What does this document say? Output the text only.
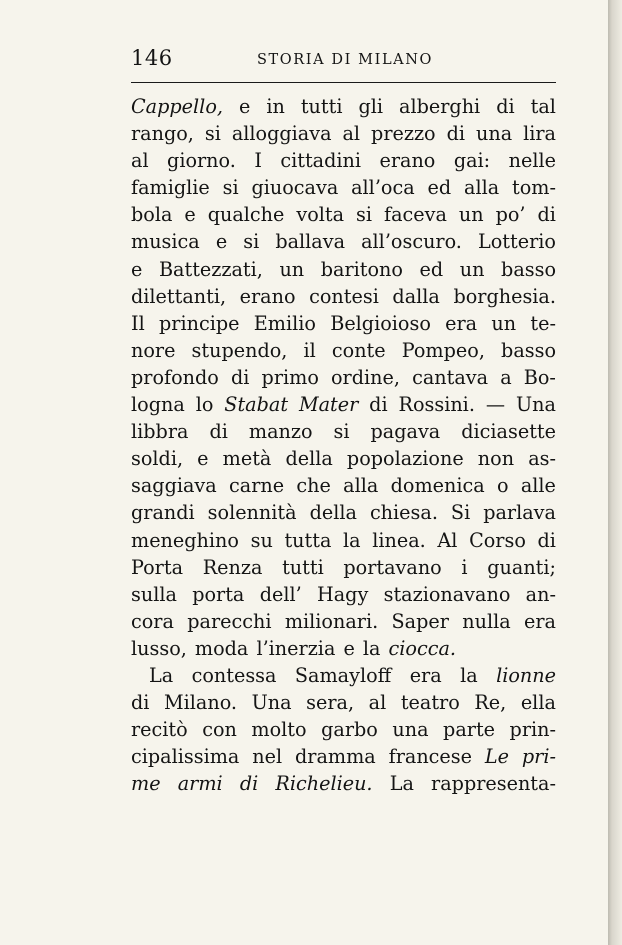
146	STORIA DI MILANO
Cappello, e in tutti gli alberghi di tal
rango, si alloggiava al prezzo di una lira
al giorno. I cittadini erano gai: nelle
famiglie si giuocava all’oca ed alla tom-
bola e qualche volta si faceva un po’ di
musica e si ballava all’oscuro. Lotterio
e Battezzati, un baritono ed un basso
dilettanti, erano contesi dalla borghesia.
Il principe Emilio Belgioioso era un te-
nore stupendo, il conte Pompeo, basso
profondo di primo ordine, cantava a Bo-
logna lo Stabat Mater di Rossini. — Una
libbra di manzo si pagava diciasette
soldi, e metà della popolazione non as-
saggiava carne che alla domenica o alle
grandi solennità della chiesa. Si parlava
meneghino su tutta la linea. Al Corso di
Porta Renza tutti portavano i guanti;
sulla porta dell’ Hagy stazionavano an-
cora parecchi milionari. Saper nulla era
lusso, moda l’inerzia e la ciocca.
La contessa Samayloff era la lionne
di Milano. Una sera, al teatro Re, ella
recitò con molto garbo una parte prin-
cipalissima nel dramma francese Le pri-
me armi di Richelieu. La rappresenta-
